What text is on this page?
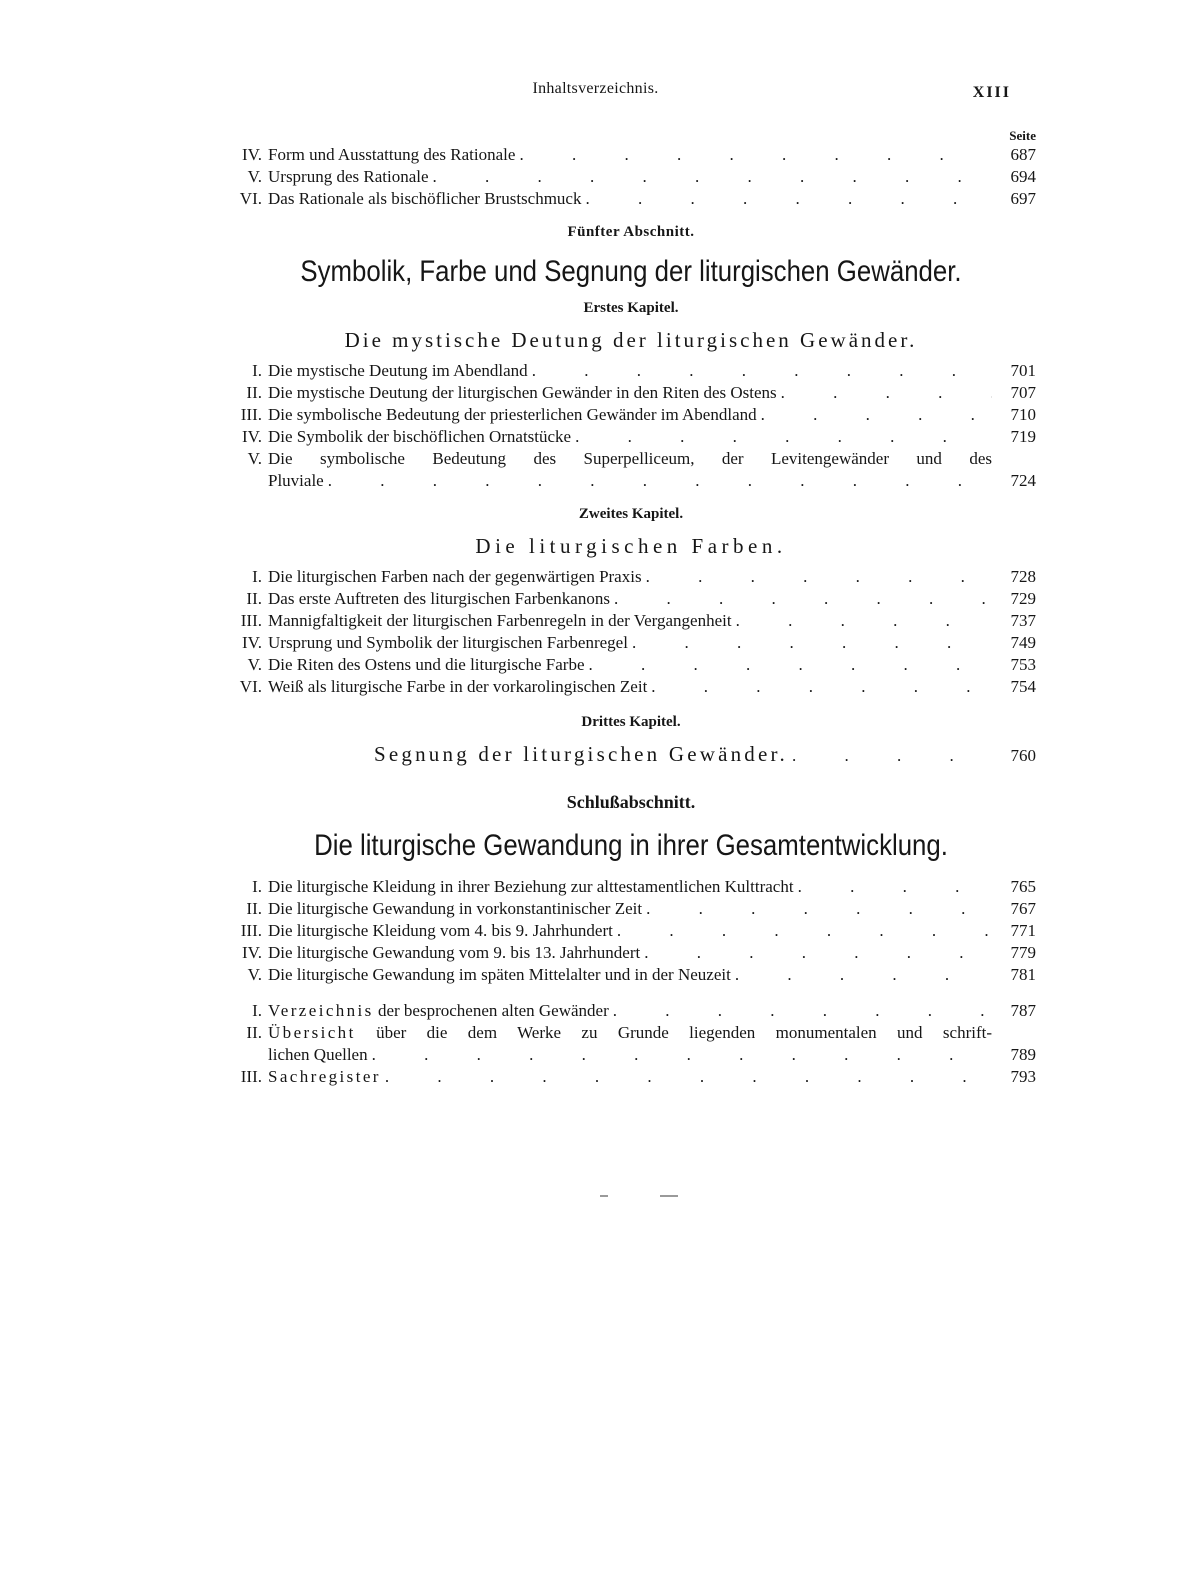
Inhaltsverzeichnis.	XIII
Seite
IV. Form und Ausstattung des Rationale . . .	687
V. Ursprung des Rationale . . .	694
VI. Das Rationale als bischöflicher Brustschmuck . . .	697
Fünfter Abschnitt.
Symbolik, Farbe und Segnung der liturgischen Gewänder.
Erstes Kapitel.
Die mystische Deutung der liturgischen Gewänder.
I. Die mystische Deutung im Abendland . . .	701
II. Die mystische Deutung der liturgischen Gewänder in den Riten des Ostens . . .	707
III. Die symbolische Bedeutung der priesterlichen Gewänder im Abendland . . .	710
IV. Die Symbolik der bischöflichen Ornatstücke . . .	719
V. Die symbolische Bedeutung des Superpelliceum, der Levitengewänder und des
Pluviale . . .	724
Zweites Kapitel.
Die liturgischen Farben.
I. Die liturgischen Farben nach der gegenwärtigen Praxis . . .	728
II. Das erste Auftreten des liturgischen Farbenkanons . . .	729
III. Mannigfaltigkeit der liturgischen Farbenregeln in der Vergangenheit . . .	737
IV. Ursprung und Symbolik der liturgischen Farbenregel . . .	749
V. Die Riten des Ostens und die liturgische Farbe . . .	753
VI. Weiß als liturgische Farbe in der vorkarolingischen Zeit . . .	754
Drittes Kapitel.
Segnung der liturgischen Gewänder. . . .	760
Schlußabschnitt.
Die liturgische Gewandung in ihrer Gesamtentwicklung.
I. Die liturgische Kleidung in ihrer Beziehung zur alttestamentlichen Kulttracht . . .	765
II. Die liturgische Gewandung in vorkonstantinischer Zeit . . .	767
III. Die liturgische Kleidung vom 4. bis 9. Jahrhundert . . .	771
IV. Die liturgische Gewandung vom 9. bis 13. Jahrhundert . . .	779
V. Die liturgische Gewandung im späten Mittelalter und in der Neuzeit . . .	781
I. Verzeichnis der besprochenen alten Gewänder . . .	787
II. Übersicht über die dem Werke zu Grunde liegenden monumentalen und schrift-
lichen Quellen . . .	789
III. Sachregister . . .	793
